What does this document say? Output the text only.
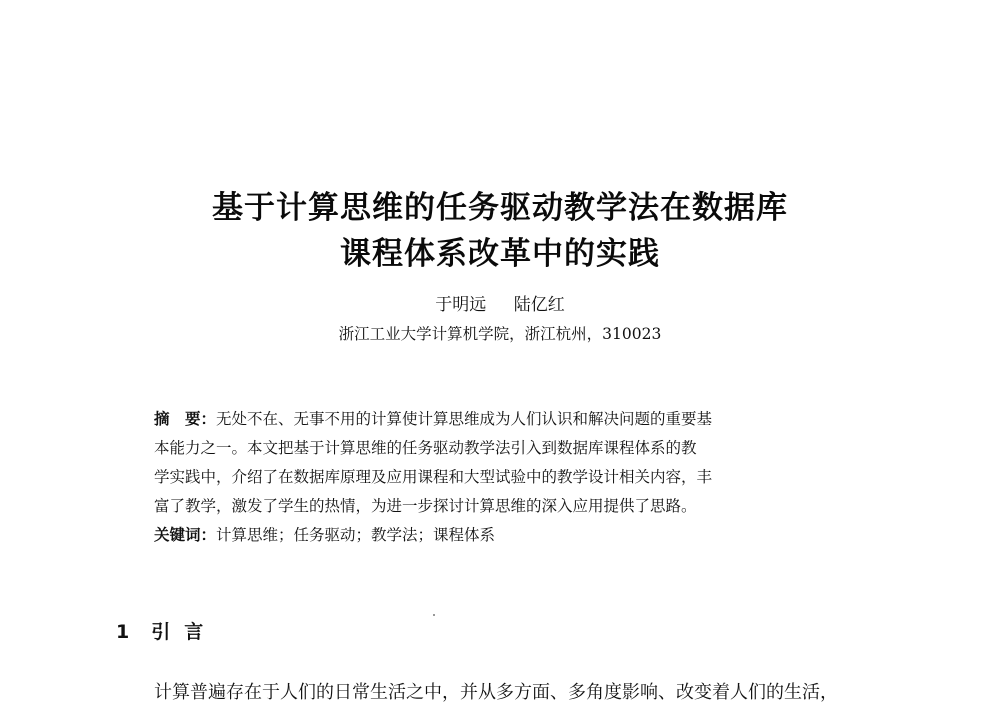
基于计算思维的任务驱动教学法在数据库
课程体系改革中的实践
于明远 陆亿红
浙江工业大学计算机学院，浙江杭州，310023
摘　要：无处不在、无事不用的计算使计算思维成为人们认识和解决问题的重要基
本能力之一。本文把基于计算思维的任务驱动教学法引入到数据库课程体系的教
学实践中，介绍了在数据库原理及应用课程和大型试验中的教学设计相关内容，丰
富了教学，激发了学生的热情，为进一步探讨计算思维的深入应用提供了思路。
关键词：计算思维；任务驱动；教学法；课程体系
1 引言
计算普遍存在于人们的日常生活之中，并从多方面、多角度影响、改变着人们的生活，
